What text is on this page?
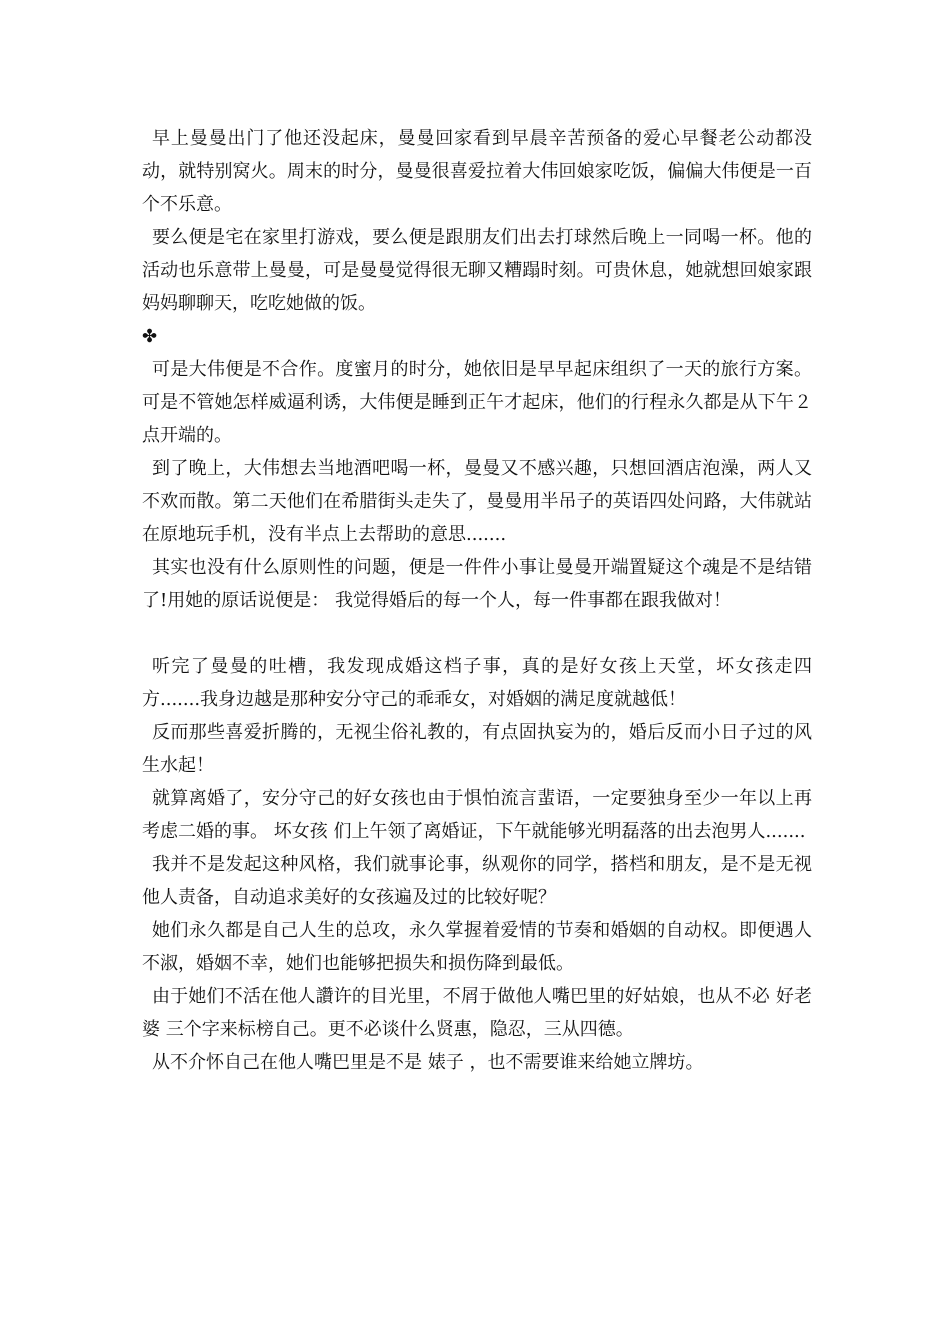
早上曼曼出门了他还没起床，曼曼回家看到早晨辛苦预备的爱心早餐老公动都没动，就特别窝火。周末的时分，曼曼很喜爱拉着大伟回娘家吃饭，偏偏大伟便是一百个不乐意。

要么便是宅在家里打游戏，要么便是跟朋友们出去打球然后晚上一同喝一杯。他的活动也乐意带上曼曼，可是曼曼觉得很无聊又糟蹋时刻。可贵休息，她就想回娘家跟妈妈聊聊天，吃吃她做的饭。

✤

可是大伟便是不合作。度蜜月的时分，她依旧是早早起床组织了一天的旅行方案。可是不管她怎样威逼利诱，大伟便是睡到正午才起床，他们的行程永久都是从下午２点开端的。

到了晚上，大伟想去当地酒吧喝一杯，曼曼又不感兴趣，只想回酒店泡澡，两人又不欢而散。第二天他们在希腊街头走失了，曼曼用半吊子的英语四处问路，大伟就站在原地玩手机，没有半点上去帮助的意思.......

其实也没有什么原则性的问题，便是一件件小事让曼曼开端置疑这个魂是不是结错了!用她的原话说便是： 我觉得婚后的每一个人，每一件事都在跟我做对！

听完了曼曼的吐槽，我发现成婚这档子事，真的是好女孩上天堂，坏女孩走四方.......我身边越是那种安分守己的乖乖女，对婚姻的满足度就越低！

反而那些喜爱折腾的，无视尘俗礼教的，有点固执妄为的，婚后反而小日子过的风生水起！

就算离婚了，安分守己的好女孩也由于惧怕流言蜚语，一定要独身至少一年以上再考虑二婚的事。 坏女孩 们上午领了离婚证，下午就能够光明磊落的出去泡男人.......

我并不是发起这种风格，我们就事论事，纵观你的同学，搭档和朋友，是不是无视他人责备，自动追求美好的女孩遍及过的比较好呢？

她们永久都是自己人生的总攻，永久掌握着爱情的节奏和婚姻的自动权。即便遇人不淑，婚姻不幸，她们也能够把损失和损伤降到最低。

由于她们不活在他人讚许的目光里，不屑于做他人嘴巴里的好姑娘，也从不必 好老婆 三个字来标榜自己。更不必谈什么贤惠，隐忍，三从四德。

从不介怀自己在他人嘴巴里是不是 婊子 ，也不需要谁来给她立牌坊。
